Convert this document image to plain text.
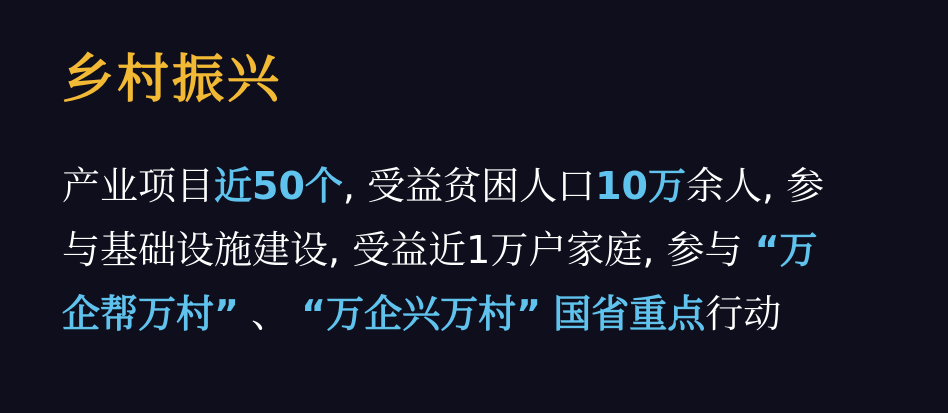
乡村振兴

产业项目近50个, 受益贫困人口10万余人, 参
与基础设施建设, 受益近1万户家庭, 参与 “万
企帮万村” 、 “万企兴万村” 国省重点行动
